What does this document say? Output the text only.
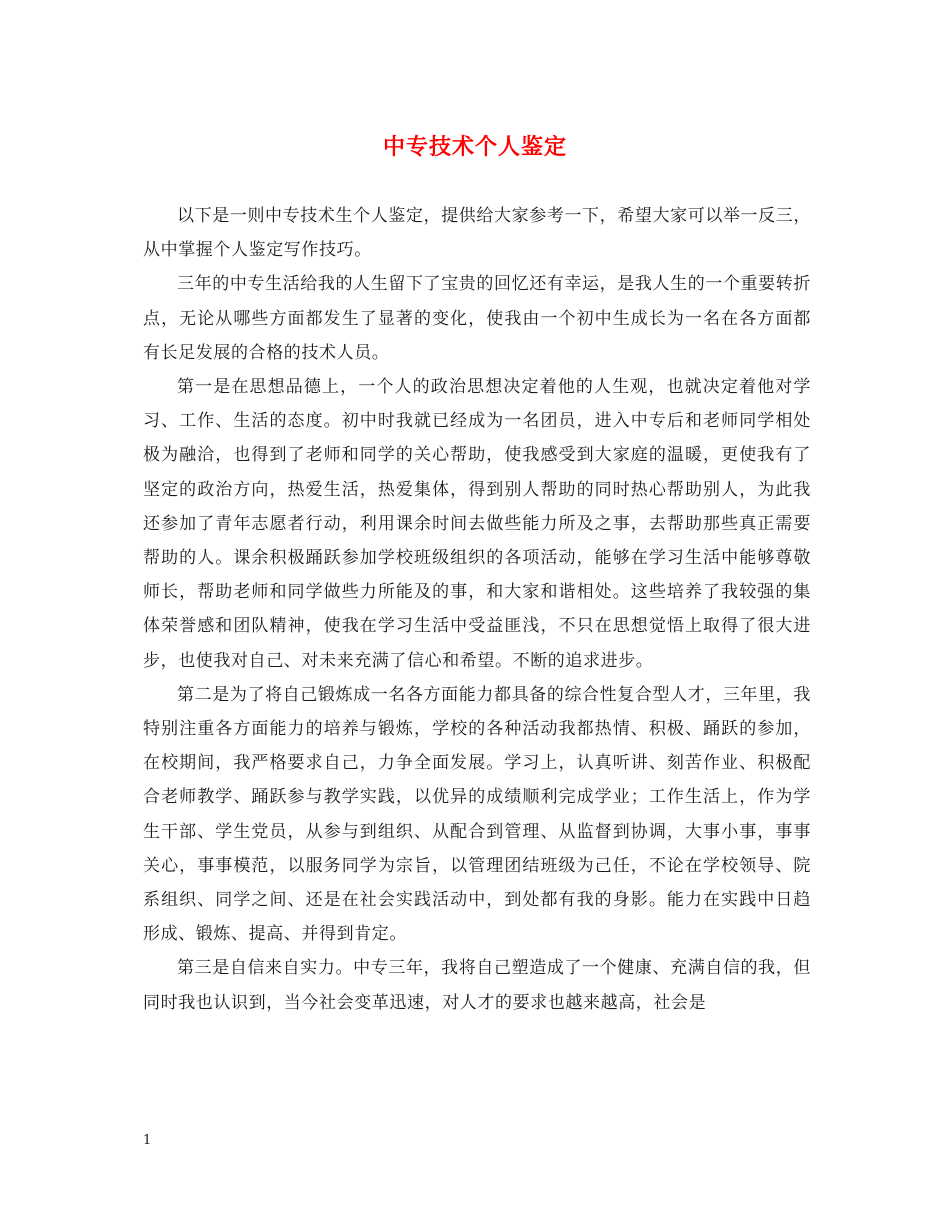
中专技术个人鉴定

以下是一则中专技术生个人鉴定，提供给大家参考一下，希望大家可以举一反三，从中掌握个人鉴定写作技巧。

三年的中专生活给我的人生留下了宝贵的回忆还有幸运，是我人生的一个重要转折点，无论从哪些方面都发生了显著的变化，使我由一个初中生成长为一名在各方面都有长足发展的合格的技术人员。

第一是在思想品德上，一个人的政治思想决定着他的人生观，也就决定着他对学习、工作、生活的态度。初中时我就已经成为一名团员，进入中专后和老师同学相处极为融洽，也得到了老师和同学的关心帮助，使我感受到大家庭的温暖，更使我有了坚定的政治方向，热爱生活，热爱集体，得到别人帮助的同时热心帮助别人，为此我还参加了青年志愿者行动，利用课余时间去做些能力所及之事，去帮助那些真正需要帮助的人。课余积极踊跃参加学校班级组织的各项活动，能够在学习生活中能够尊敬师长，帮助老师和同学做些力所能及的事，和大家和谐相处。这些培养了我较强的集体荣誉感和团队精神，使我在学习生活中受益匪浅，不只在思想觉悟上取得了很大进步，也使我对自己、对未来充满了信心和希望。不断的追求进步。

第二是为了将自己锻炼成一名各方面能力都具备的综合性复合型人才，三年里，我特别注重各方面能力的培养与锻炼，学校的各种活动我都热情、积极、踊跃的参加，在校期间，我严格要求自己，力争全面发展。学习上，认真听讲、刻苦作业、积极配合老师教学、踊跃参与教学实践，以优异的成绩顺利完成学业；工作生活上，作为学生干部、学生党员，从参与到组织、从配合到管理、从监督到协调，大事小事，事事关心，事事模范，以服务同学为宗旨，以管理团结班级为己任，不论在学校领导、院系组织、同学之间、还是在社会实践活动中，到处都有我的身影。能力在实践中日趋形成、锻炼、提高、并得到肯定。

第三是自信来自实力。中专三年，我将自己塑造成了一个健康、充满自信的我，但同时我也认识到，当今社会变革迅速，对人才的要求也越来越高，社会是

1
